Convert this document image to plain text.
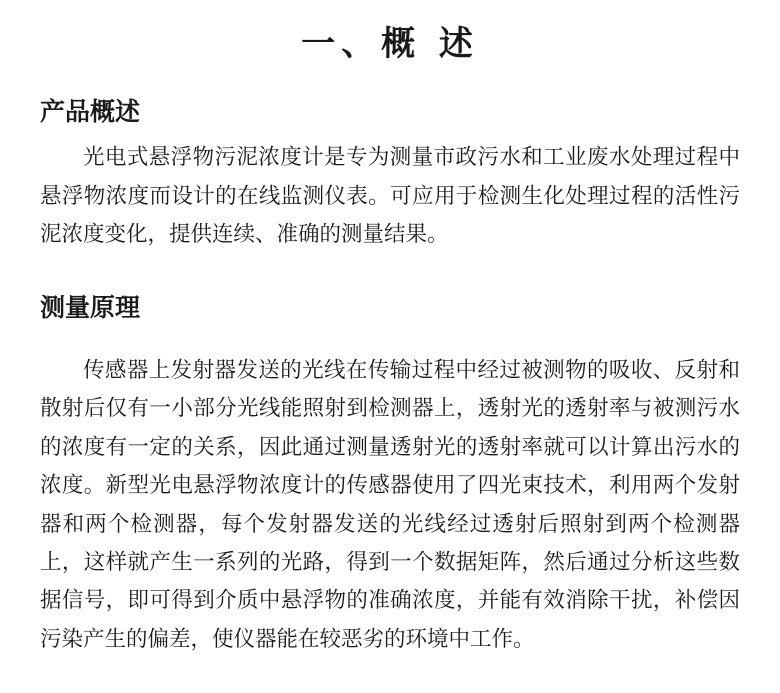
一、概 述
产品概述

光电式悬浮物污泥浓度计是专为测量市政污水和工业废水处理过程中悬浮物浓度而设计的在线监测仪表。可应用于检测生化处理过程的活性污泥浓度变化，提供连续、准确的测量结果。

测量原理

传感器上发射器发送的光线在传输过程中经过被测物的吸收、反射和散射后仅有一小部分光线能照射到检测器上，透射光的透射率与被测污水的浓度有一定的关系，因此通过测量透射光的透射率就可以计算出污水的浓度。新型光电悬浮物浓度计的传感器使用了四光束技术，利用两个发射器和两个检测器，每个发射器发送的光线经过透射后照射到两个检测器上，这样就产生一系列的光路，得到一个数据矩阵，然后通过分析这些数据信号，即可得到介质中悬浮物的准确浓度，并能有效消除干扰，补偿因污染产生的偏差，使仪器能在较恶劣的环境中工作。
